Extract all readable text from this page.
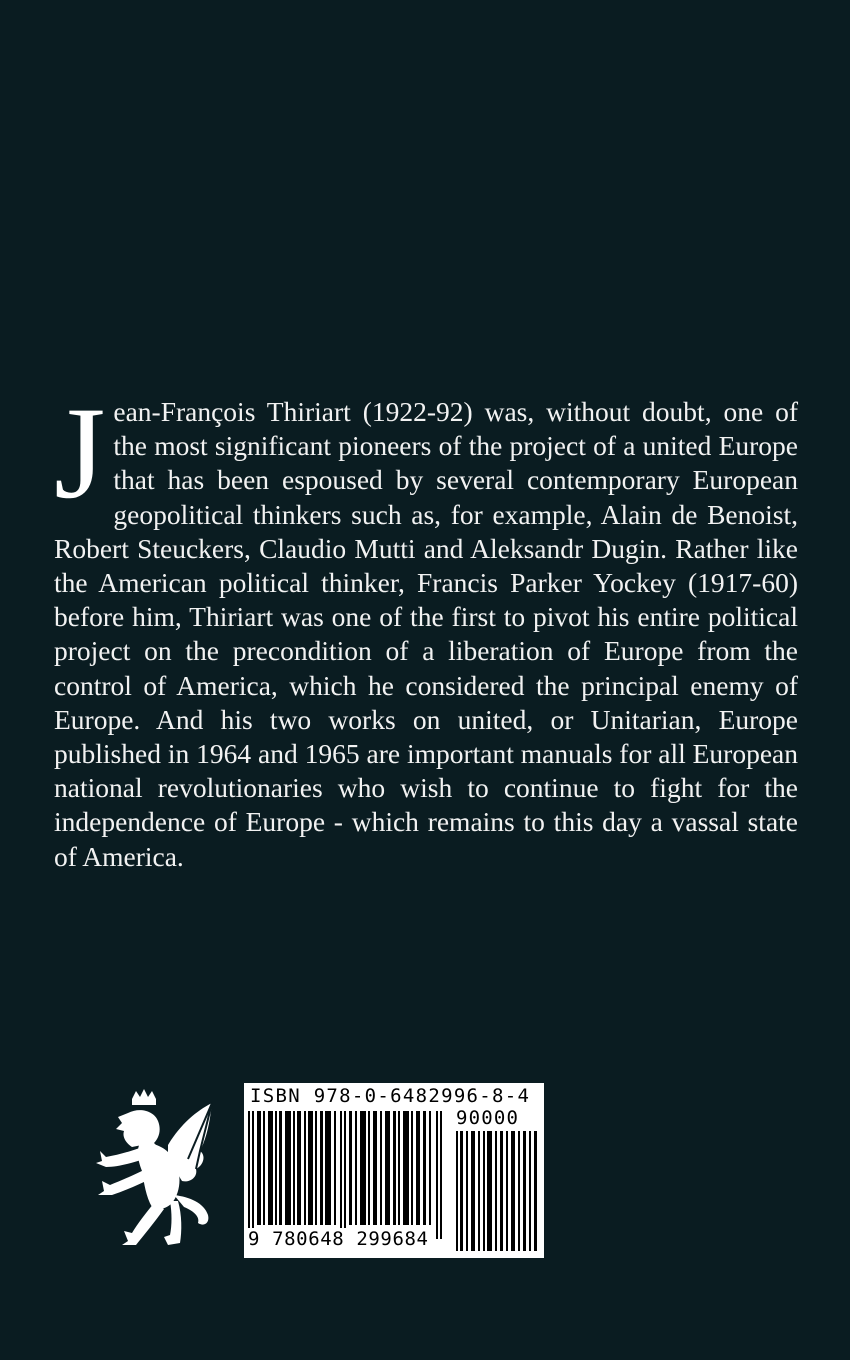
Jean-François Thiriart (1922-92) was, without doubt, one of the most significant pioneers of the project of a united Europe that has been espoused by several contemporary European geopolitical thinkers such as, for example, Alain de Benoist, Robert Steuckers, Claudio Mutti and Aleksandr Dugin. Rather like the American political thinker, Francis Parker Yockey (1917-60) before him, Thiriart was one of the first to pivot his entire political project on the precondition of a liberation of Europe from the control of America, which he considered the principal enemy of Europe. And his two works on united, or Unitarian, Europe published in 1964 and 1965 are important manuals for all European national revolutionaries who wish to continue to fight for the independence of Europe - which remains to this day a vassal state of America.

ISBN 978-0-6482996-8-4
90000
9 780648 299684
